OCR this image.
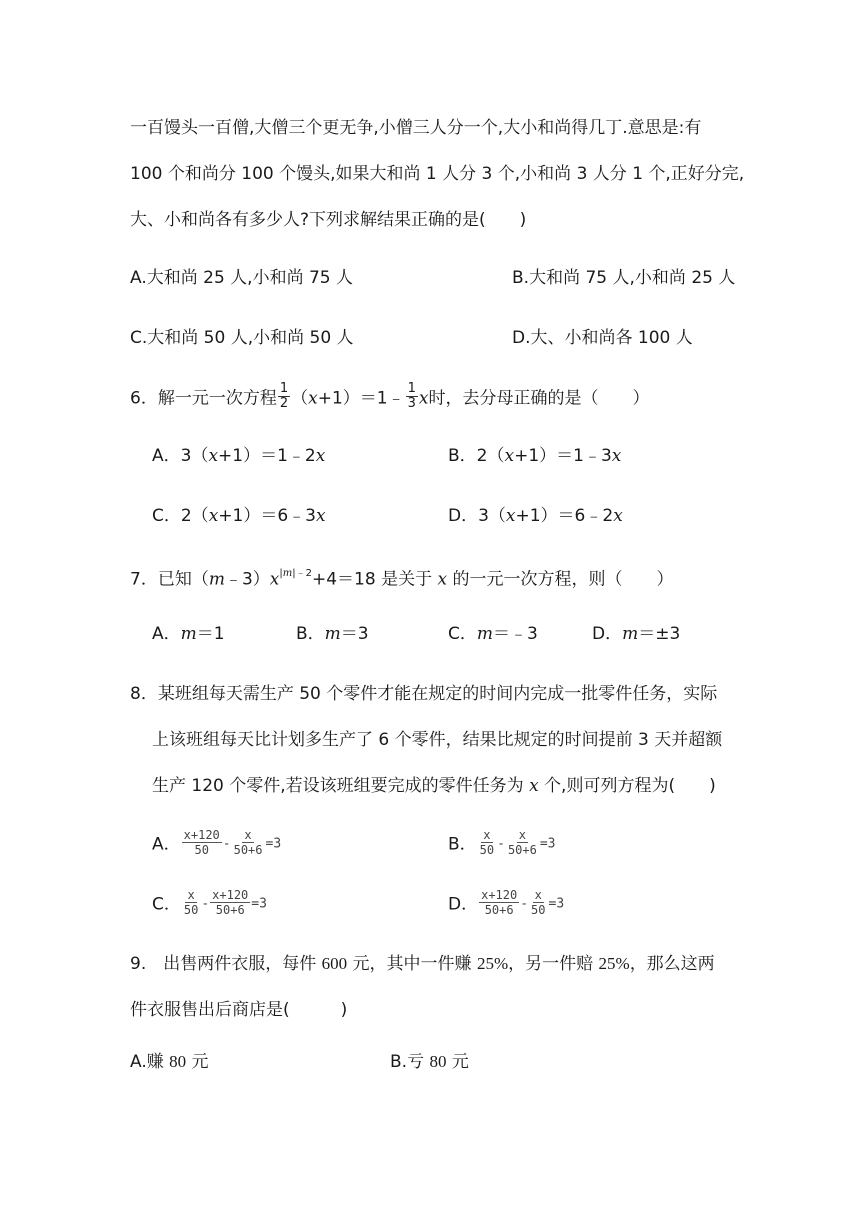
一百馒头一百僧,大僧三个更无争,小僧三人分一个,大小和尚得几丁.意思是:有
100 个和尚分 100 个馒头,如果大和尚 1 人分 3 个,小和尚 3 人分 1 个,正好分完,
大、小和尚各有多少人?下列求解结果正确的是(　　)
A.大和尚 25 人,小和尚 75 人	B.大和尚 75 人,小和尚 25 人
C.大和尚 50 人,小和尚 50 人	D.大、小和尚各 100 人
6．解一元一次方程 $\frac{1}{2}$ （x+1）＝1﹣ $\frac{1}{3}$ x时，去分母正确的是（　　）
A．3（x+1）＝1﹣2x	B．2（x+1）＝1﹣3x
C．2（x+1）＝6﹣3x	D．3（x+1）＝6﹣2x
7．已知$(m﹣3)x^{|m|﹣2}+4=18$ 是关于 x 的一元一次方程，则（　　）
A．m＝1	B．m＝3	C．m＝﹣3	D．m＝±3
8．某班组每天需生产 50 个零件才能在规定的时间内完成一批零件任务，实际
上该班组每天比计划多生产了 6 个零件，结果比规定的时间提前 3 天并超额
生产 120 个零件,若设该班组要完成的零件任务为 x 个,则可列方程为(　　)
A． $\frac{x+120}{50} - \frac{x}{50+6} =3$	B． $\frac{x}{50} - \frac{x}{50+6} =3$
C． $\frac{x}{50} - \frac{x+120}{50+6} =3$	D． $\frac{x+120}{50+6} - \frac{x}{50} =3$
9.　出售两件衣服，每件 600 元，其中一件赚 25%，另一件赔 25%，那么这两
件衣服售出后商店是(　　　)
A.赚 80 元	B.亏 80 元
